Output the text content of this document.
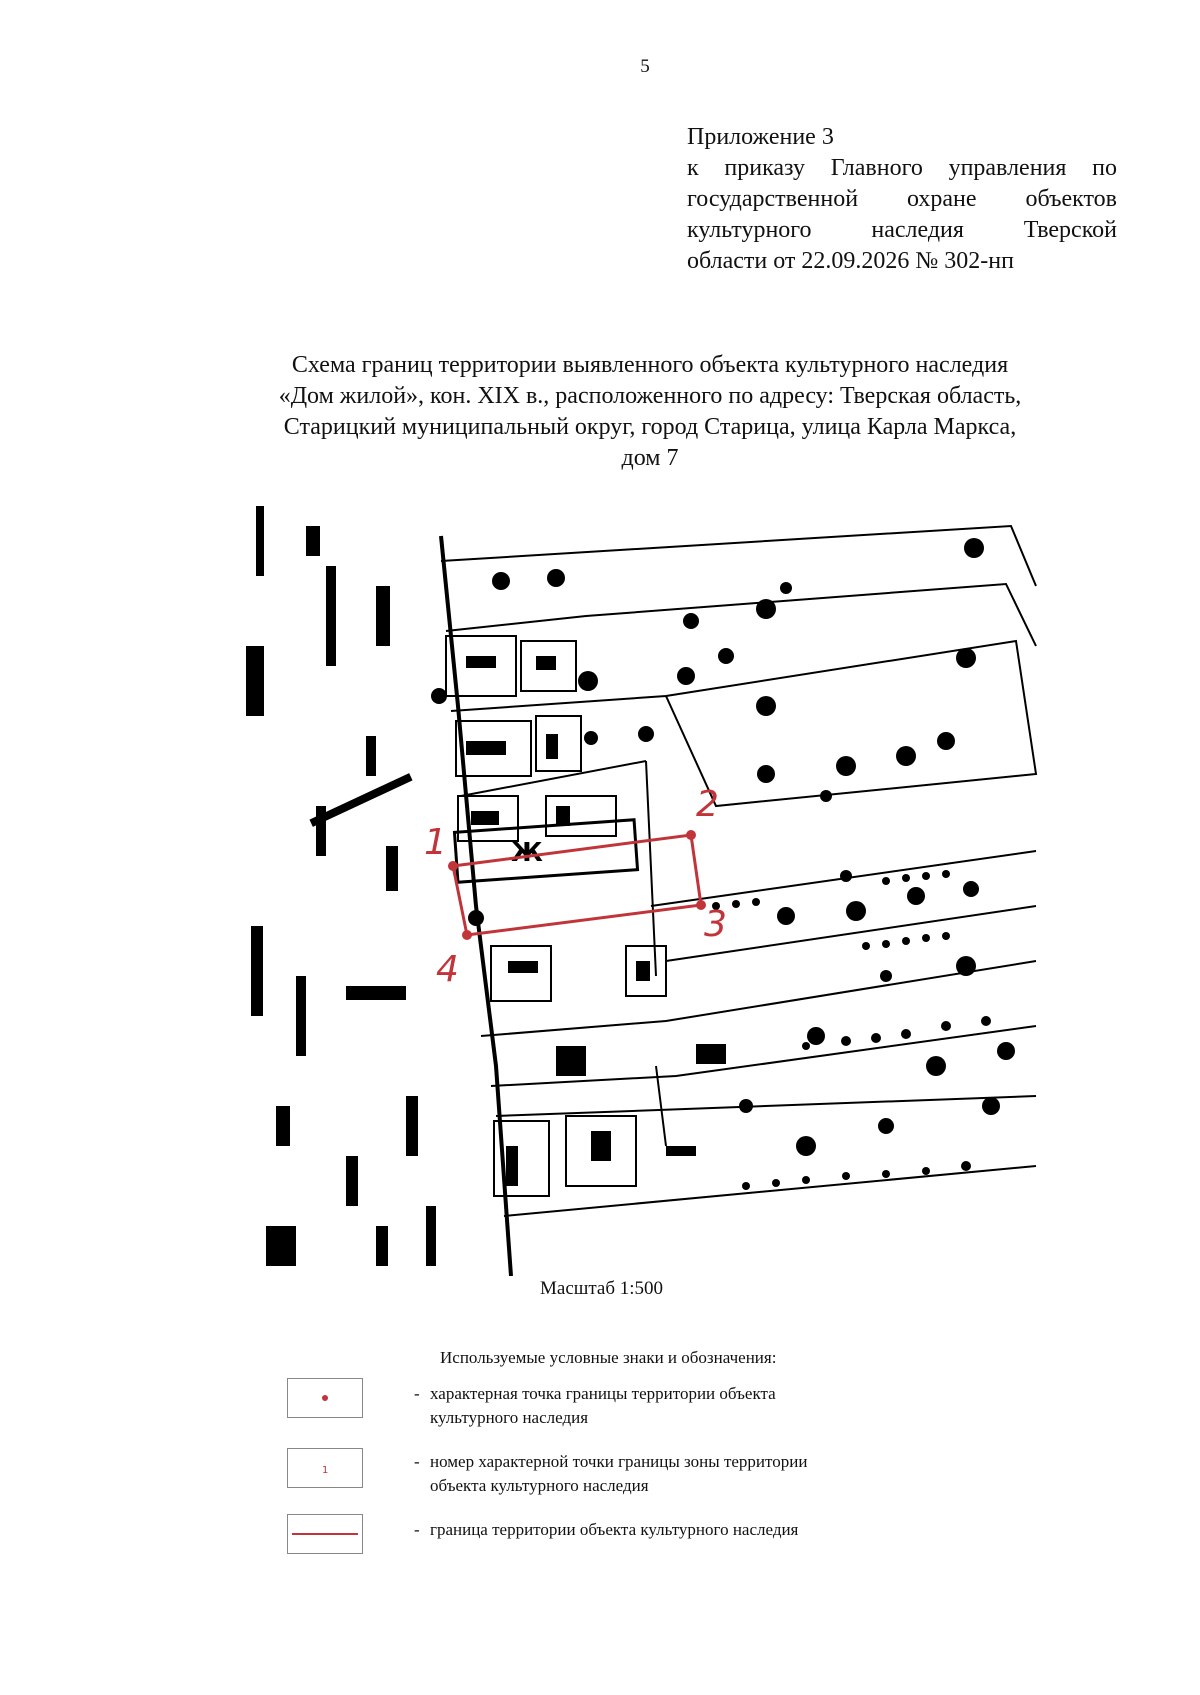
5
Приложение 3
к приказу Главного управления по
государственной охране объектов
культурного наследия Тверской
области от 22.09.2026 № 302-нп
Схема границ территории выявленного объекта культурного наследия
«Дом жилой», кон. XIX в., расположенного по адресу: Тверская область,
Старицкий муниципальный округ, город Старица, улица Карла Маркса,
дом 7
Ж
1
2
3
4
Масштаб 1:500
Используемые условные знаки и обозначения:
- характерная точка границы территории объекта
культурного наследия
1	- номер характерной точки границы зоны территории
объекта культурного наследия
- граница территории объекта культурного наследия
